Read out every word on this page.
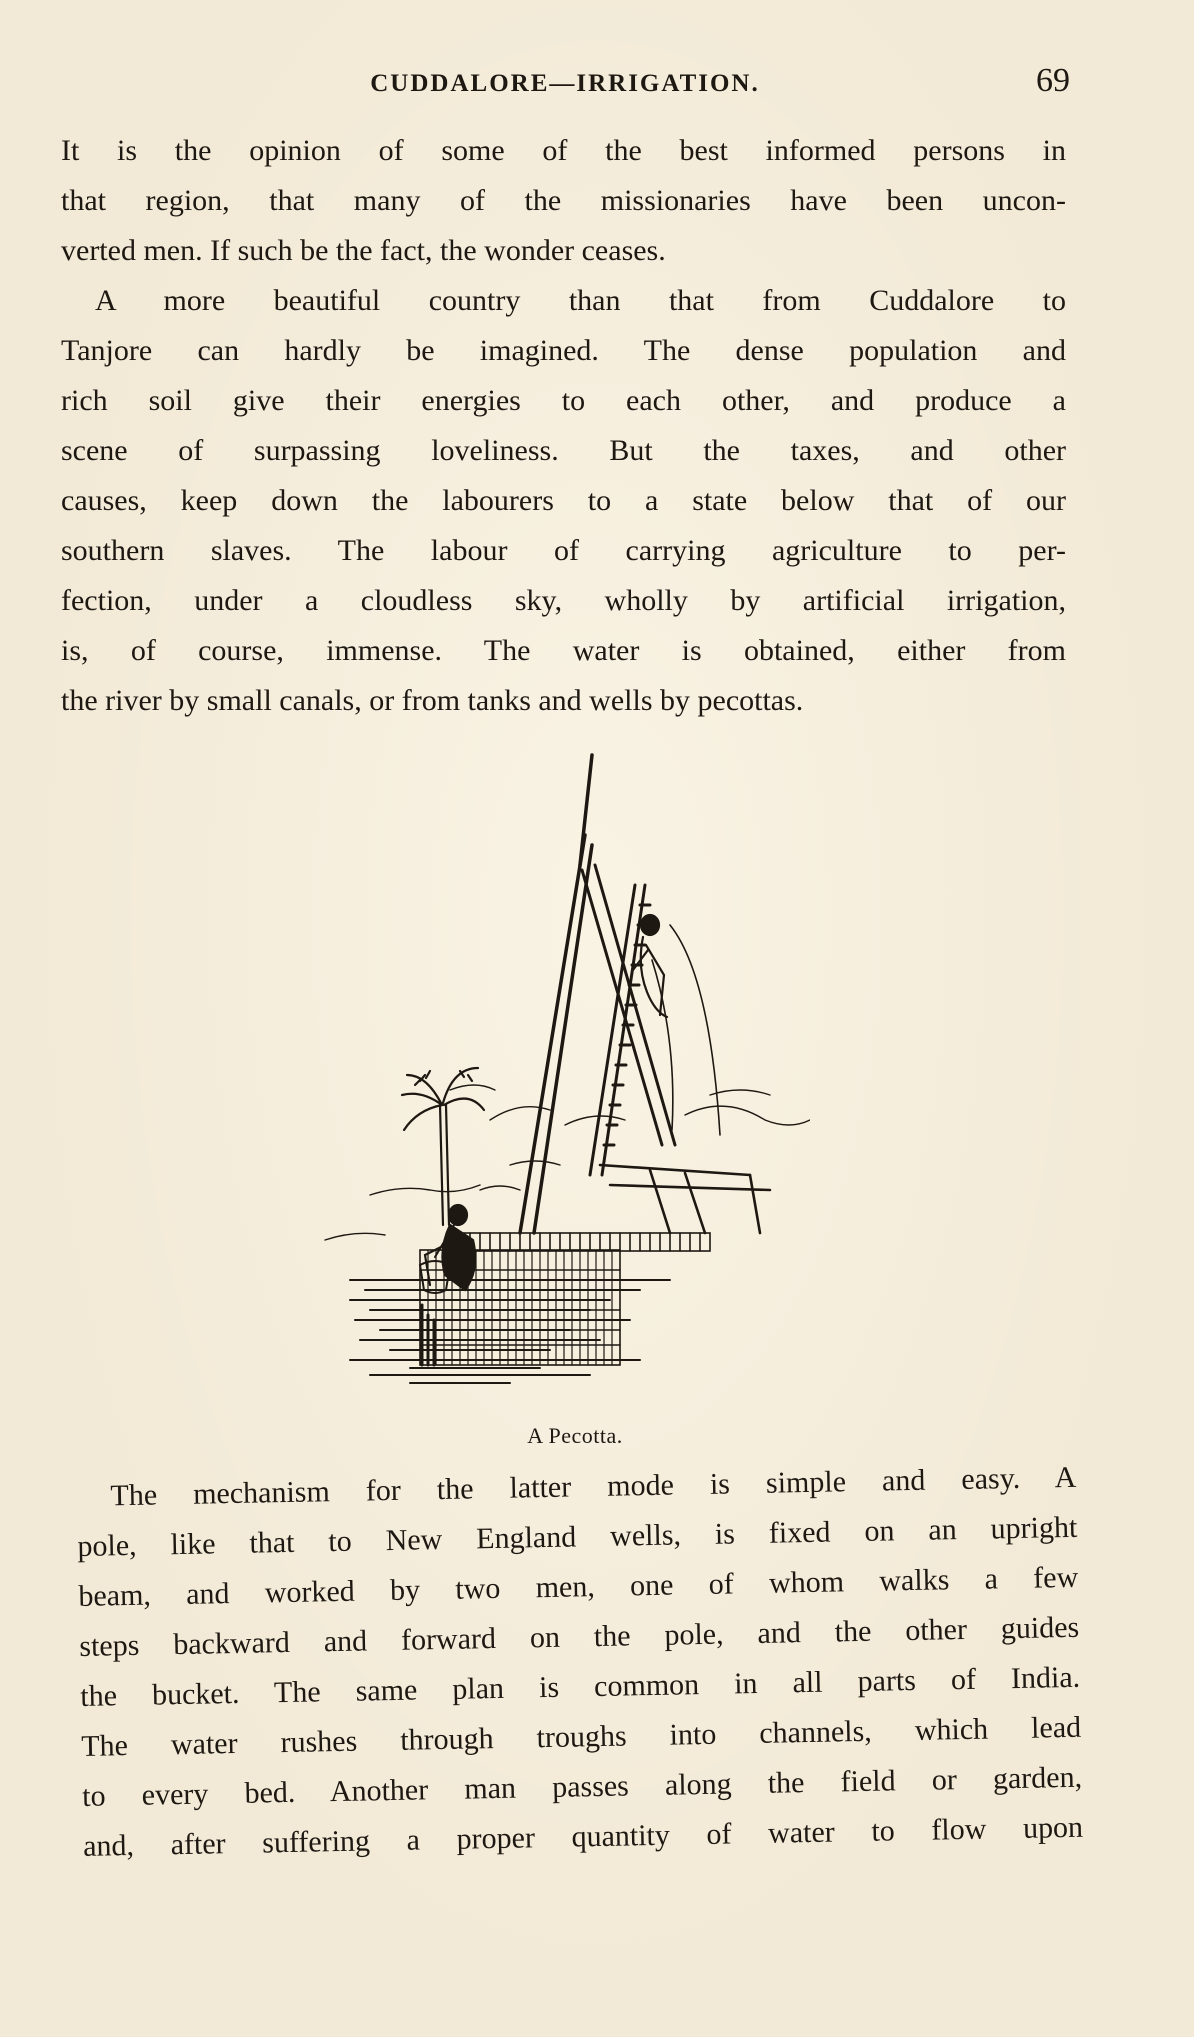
CUDDALORE—IRRIGATION.	69
It is the opinion of some of the best informed persons in
that region, that many of the missionaries have been uncon-
verted men. If such be the fact, the wonder ceases.
A more beautiful country than that from Cuddalore to
Tanjore can hardly be imagined. The dense population and
rich soil give their energies to each other, and produce a
scene of surpassing loveliness. But the taxes, and other
causes, keep down the labourers to a state below that of our
southern slaves. The labour of carrying agriculture to per-
fection, under a cloudless sky, wholly by artificial irrigation,
is, of course, immense. The water is obtained, either from
the river by small canals, or from tanks and wells by pecottas.
A Pecotta.
The mechanism for the latter mode is simple and easy. A
pole, like that to New England wells, is fixed on an upright
beam, and worked by two men, one of whom walks a few
steps backward and forward on the pole, and the other guides
the bucket. The same plan is common in all parts of India.
The water rushes through troughs into channels, which lead
to every bed. Another man passes along the field or garden,
and, after suffering a proper quantity of water to flow upon
